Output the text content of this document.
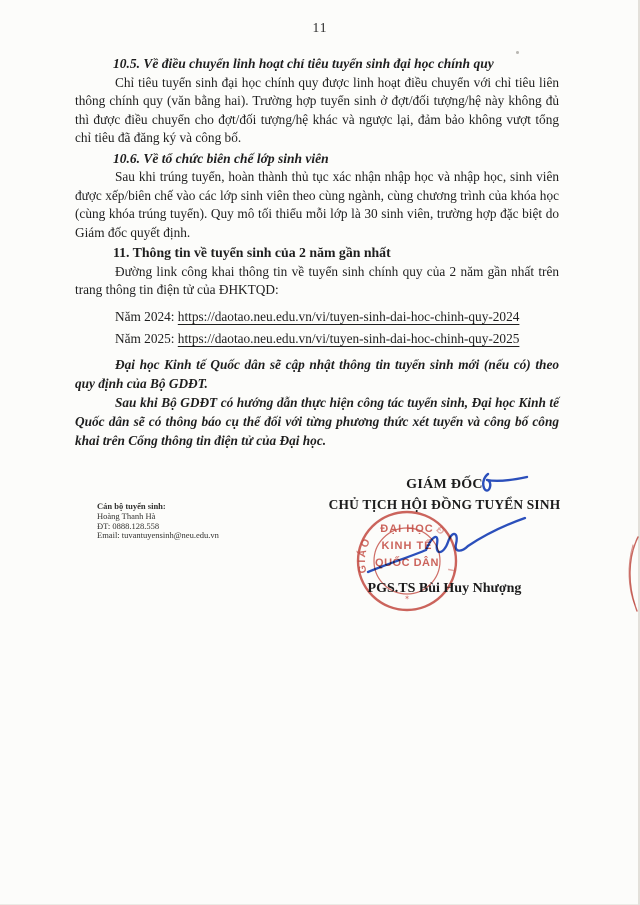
11
10.5. Về điều chuyển linh hoạt chỉ tiêu tuyển sinh đại học chính quy

Chỉ tiêu tuyển sinh đại học chính quy được linh hoạt điều chuyển với chỉ tiêu liên thông chính quy (văn bằng hai). Trường hợp tuyển sinh ở đợt/đối tượng/hệ này không đủ thì được điều chuyển cho đợt/đối tượng/hệ khác và ngược lại, đảm bảo không vượt tổng chỉ tiêu đã đăng ký và công bố.

10.6. Về tổ chức biên chế lớp sinh viên

Sau khi trúng tuyển, hoàn thành thủ tục xác nhận nhập học và nhập học, sinh viên được xếp/biên chế vào các lớp sinh viên theo cùng ngành, cùng chương trình của khóa học (cùng khóa trúng tuyển). Quy mô tối thiểu mỗi lớp là 30 sinh viên, trường hợp đặc biệt do Giám đốc quyết định.

11. Thông tin về tuyển sinh của 2 năm gần nhất

Đường link công khai thông tin về tuyển sinh chính quy của 2 năm gần nhất trên trang thông tin điện tử của ĐHKTQD:

Năm 2024: https://daotao.neu.edu.vn/vi/tuyen-sinh-dai-hoc-chinh-quy-2024
Năm 2025: https://daotao.neu.edu.vn/vi/tuyen-sinh-dai-hoc-chinh-quy-2025

Đại học Kinh tế Quốc dân sẽ cập nhật thông tin tuyển sinh mới (nếu có) theo quy định của Bộ GDĐT.

Sau khi Bộ GDĐT có hướng dẫn thực hiện công tác tuyển sinh, Đại học Kinh tế Quốc dân sẽ có thông báo cụ thể đối với từng phương thức xét tuyển và công bố công khai trên Cổng thông tin điện tử của Đại học.

Cán bộ tuyển sinh:
Hoàng Thanh Hà
ĐT: 0888.128.558
Email: tuvantuyensinh@neu.edu.vn
GIÁM ĐỐC
CHỦ TỊCH HỘI ĐỒNG TUYỂN SINH
GIÁO
Đ
T
ĐẠI HỌC
KINH TẾ
QUỐC DÂN
✶
PGS.TS Bùi Huy Nhượng
